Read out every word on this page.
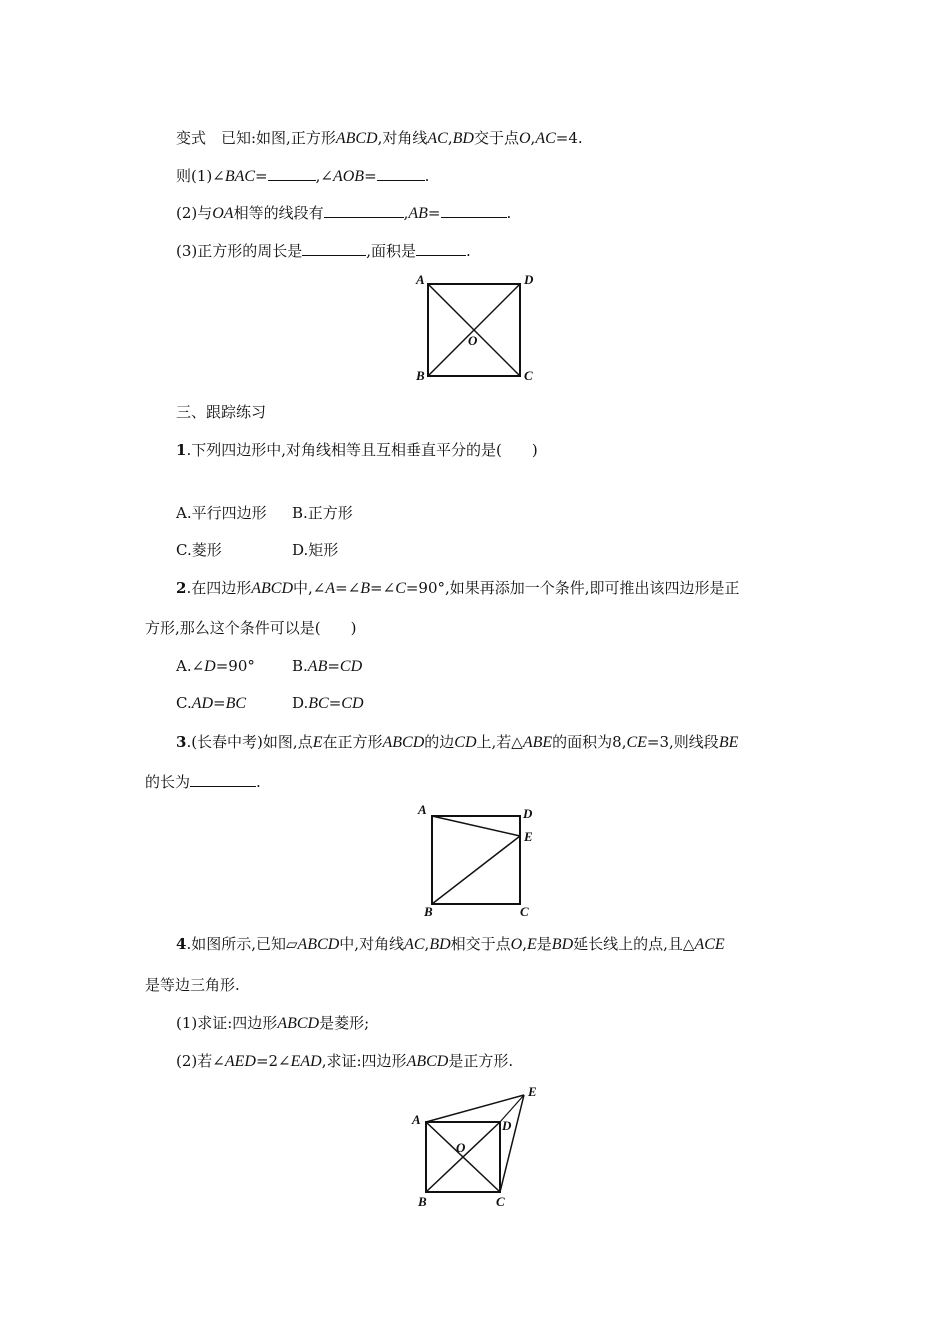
变式　已知:如图,正方形ABCD,对角线AC,BD交于点O,AC=4.
则(1)∠BAC=	,∠AOB=	.
(2)与OA相等的线段有	,AB=	.
(3)正方形的周长是	,面积是	.
A	D
B	C
O
三、跟踪练习
1.下列四边形中,对角线相等且互相垂直平分的是(　　)
A.平行四边形 B.正方形
C.菱形	D.矩形
2.在四边形ABCD中,∠A=∠B=∠C=90°,如果再添加一个条件,即可推出该四边形是正
方形,那么这个条件可以是(　　)
A.∠D=90° B.AB=CD
C.AD=BC	D.BC=CD
3.(长春中考)如图,点E在正方形ABCD的边CD上,若△ABE的面积为8,CE=3,则线段BE
的长为	.
A	D
E
B	C
4.如图所示,已知▱ABCD中,对角线AC,BD相交于点O,E是BD延长线上的点,且△ACE
是等边三角形.
(1)求证:四边形ABCD是菱形;
(2)若∠AED=2∠EAD,求证:四边形ABCD是正方形.
A
E
D
O
B	C
